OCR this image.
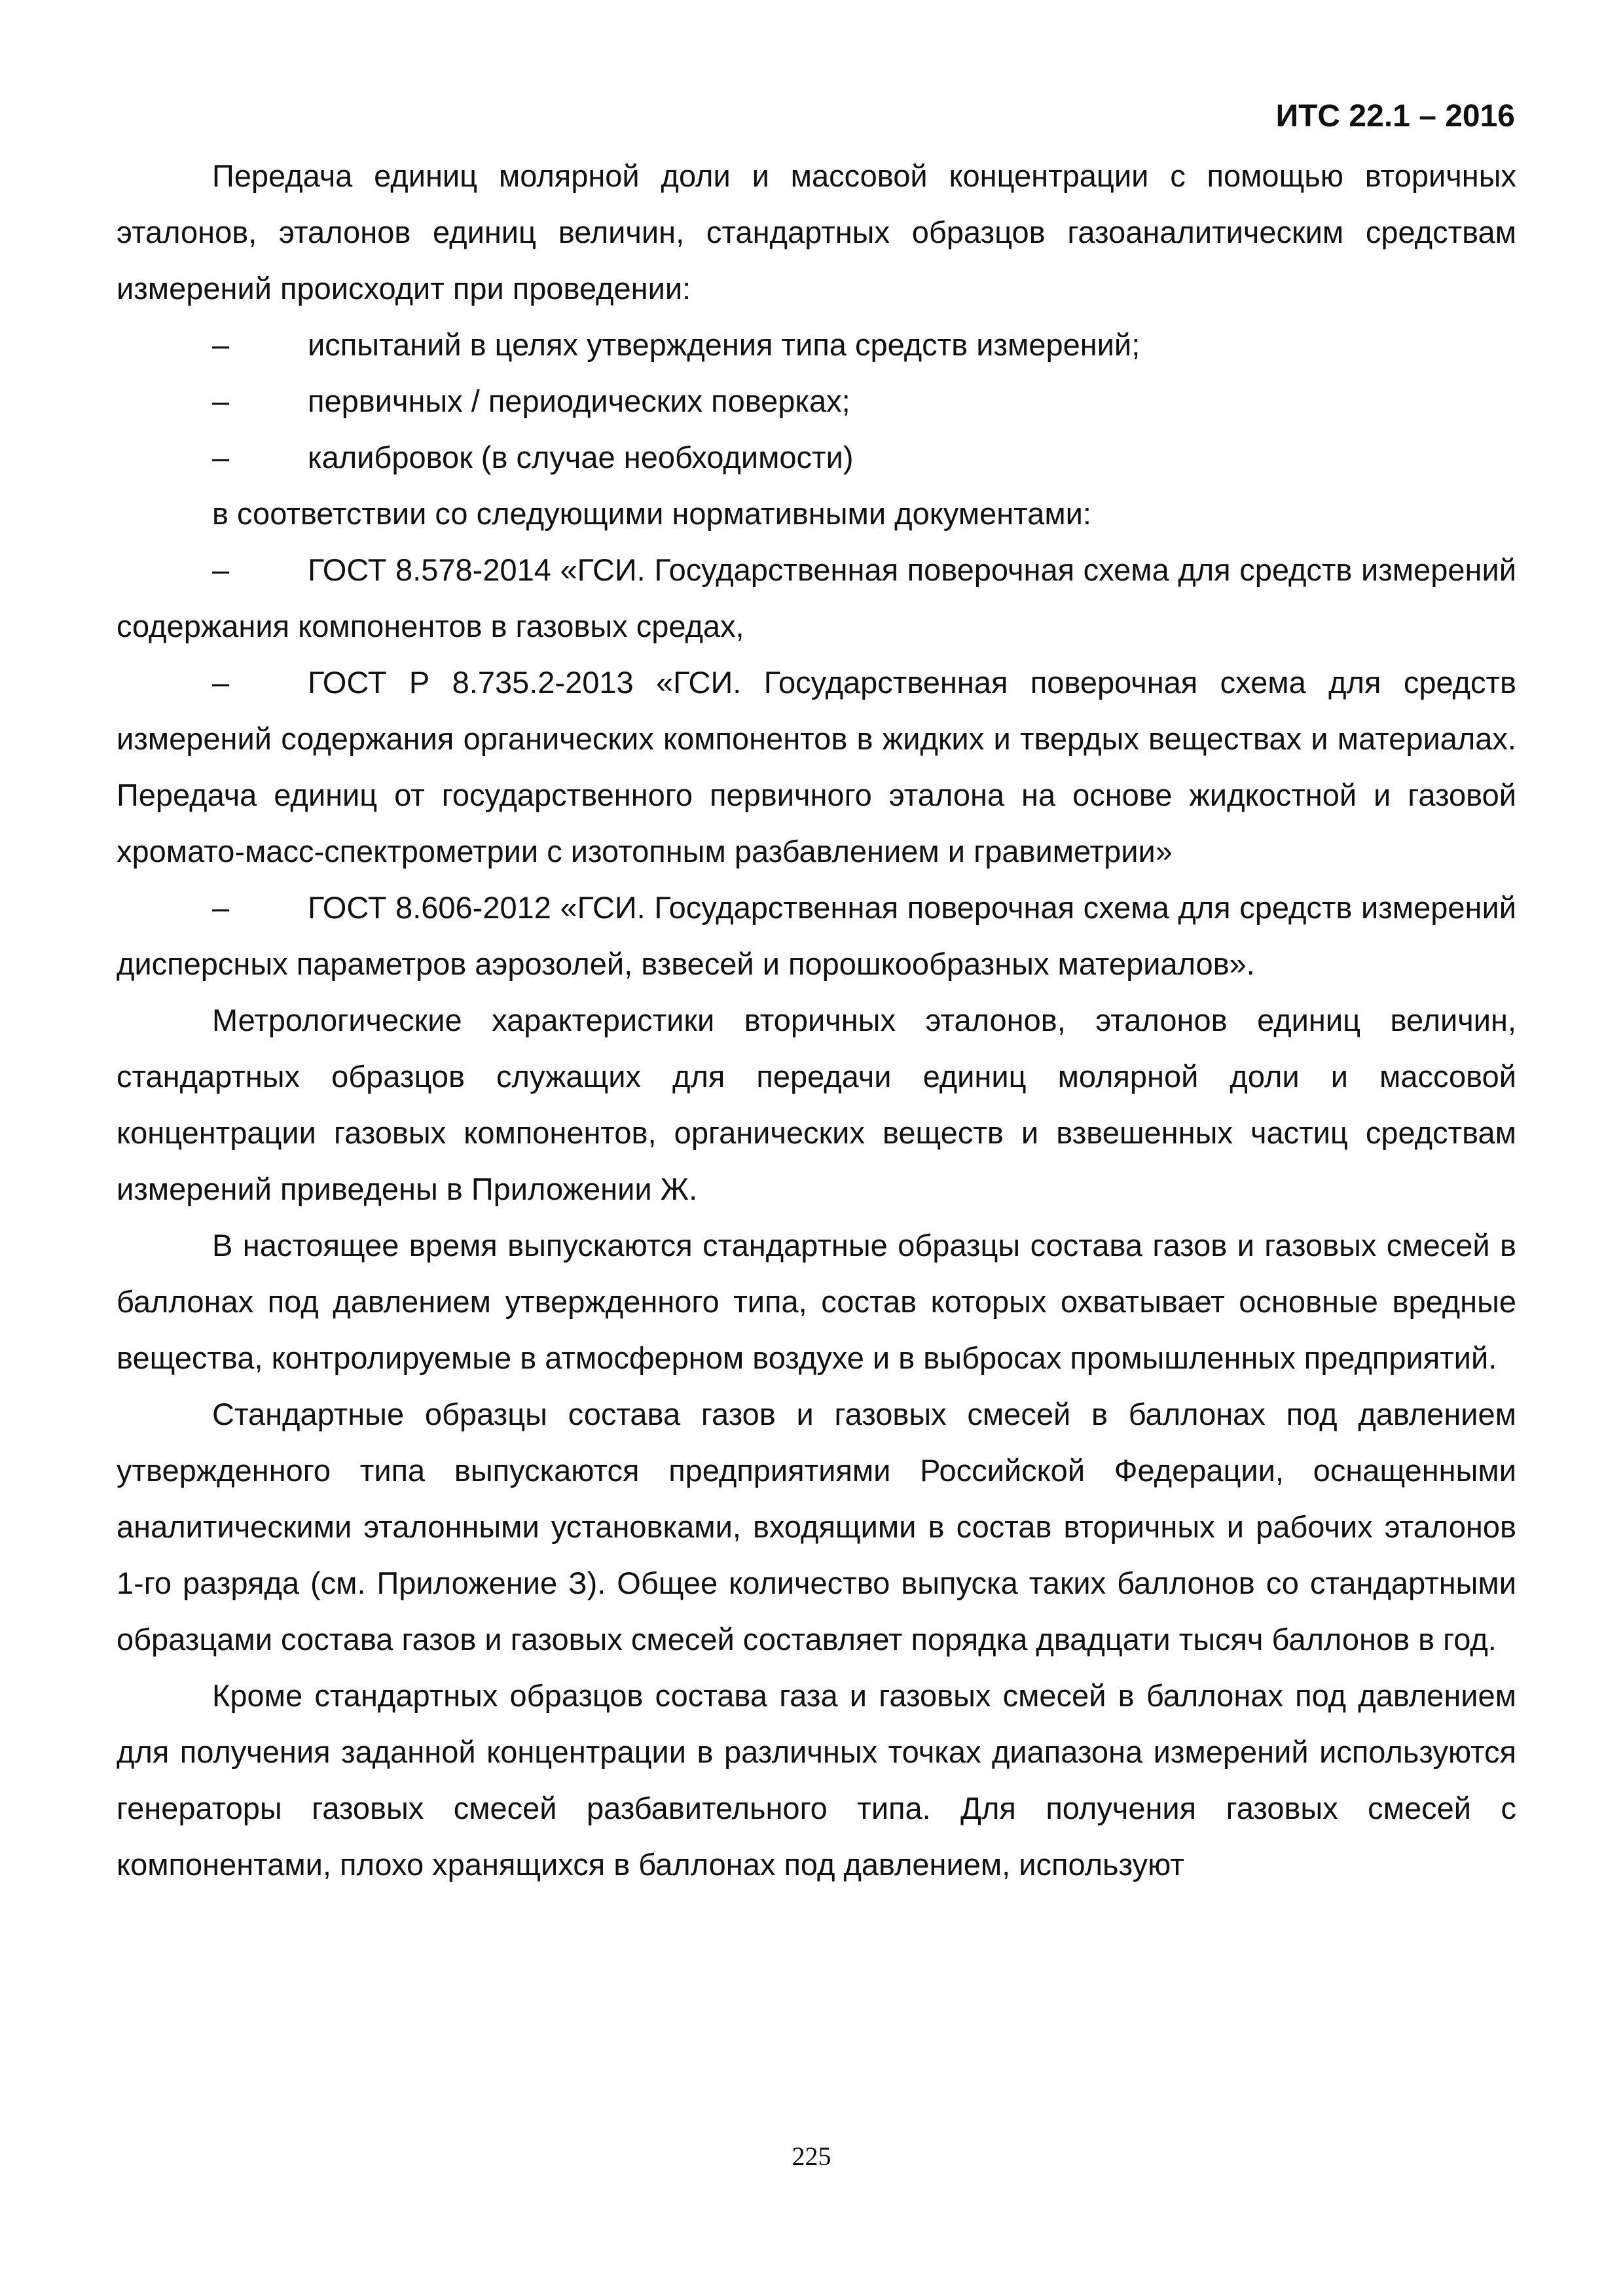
ИТС 22.1 – 2016

Передача единиц молярной доли и массовой концентрации с помощью вторичных эталонов, эталонов единиц величин, стандартных образцов газоаналитическим средствам измерений происходит при проведении:

–	испытаний в целях утверждения типа средств измерений;

–	первичных / периодических поверках;

–	калибровок (в случае необходимости)

в соответствии со следующими нормативными документами:

–	ГОСТ 8.578-2014 «ГСИ. Государственная поверочная схема для средств измерений содержания компонентов в газовых средах,

–	ГОСТ Р 8.735.2-2013 «ГСИ. Государственная поверочная схема для средств измерений содержания органических компонентов в жидких и твердых веществах и материалах. Передача единиц от государственного первичного эталона на основе жидкостной и газовой хромато-масс-спектрометрии с изотопным разбавлением и гравиметрии»

–	ГОСТ 8.606-2012 «ГСИ. Государственная поверочная схема для средств измерений дисперсных параметров аэрозолей, взвесей и порошкообразных материалов».

Метрологические характеристики вторичных эталонов, эталонов единиц величин, стандартных образцов служащих для передачи единиц молярной доли и массовой концентрации газовых компонентов, органических веществ и взвешенных частиц средствам измерений приведены в Приложении Ж.

В настоящее время выпускаются стандартные образцы состава газов и газовых смесей в баллонах под давлением утвержденного типа, состав которых охватывает основные вредные вещества, контролируемые в атмосферном воздухе и в выбросах промышленных предприятий.

Стандартные образцы состава газов и газовых смесей в баллонах под давлением утвержденного типа выпускаются предприятиями Российской Федерации, оснащенными аналитическими эталонными установками, входящими в состав вторичных и рабочих эталонов 1-го разряда (см. Приложение З). Общее количество выпуска таких баллонов со стандартными образцами состава газов и газовых смесей составляет порядка двадцати тысяч баллонов в год.

Кроме стандартных образцов состава газа и газовых смесей в баллонах под давлением для получения заданной концентрации в различных точках диапазона измерений используются генераторы газовых смесей разбавительного типа. Для получения газовых смесей с компонентами, плохо хранящихся в баллонах под давлением, используют

225
